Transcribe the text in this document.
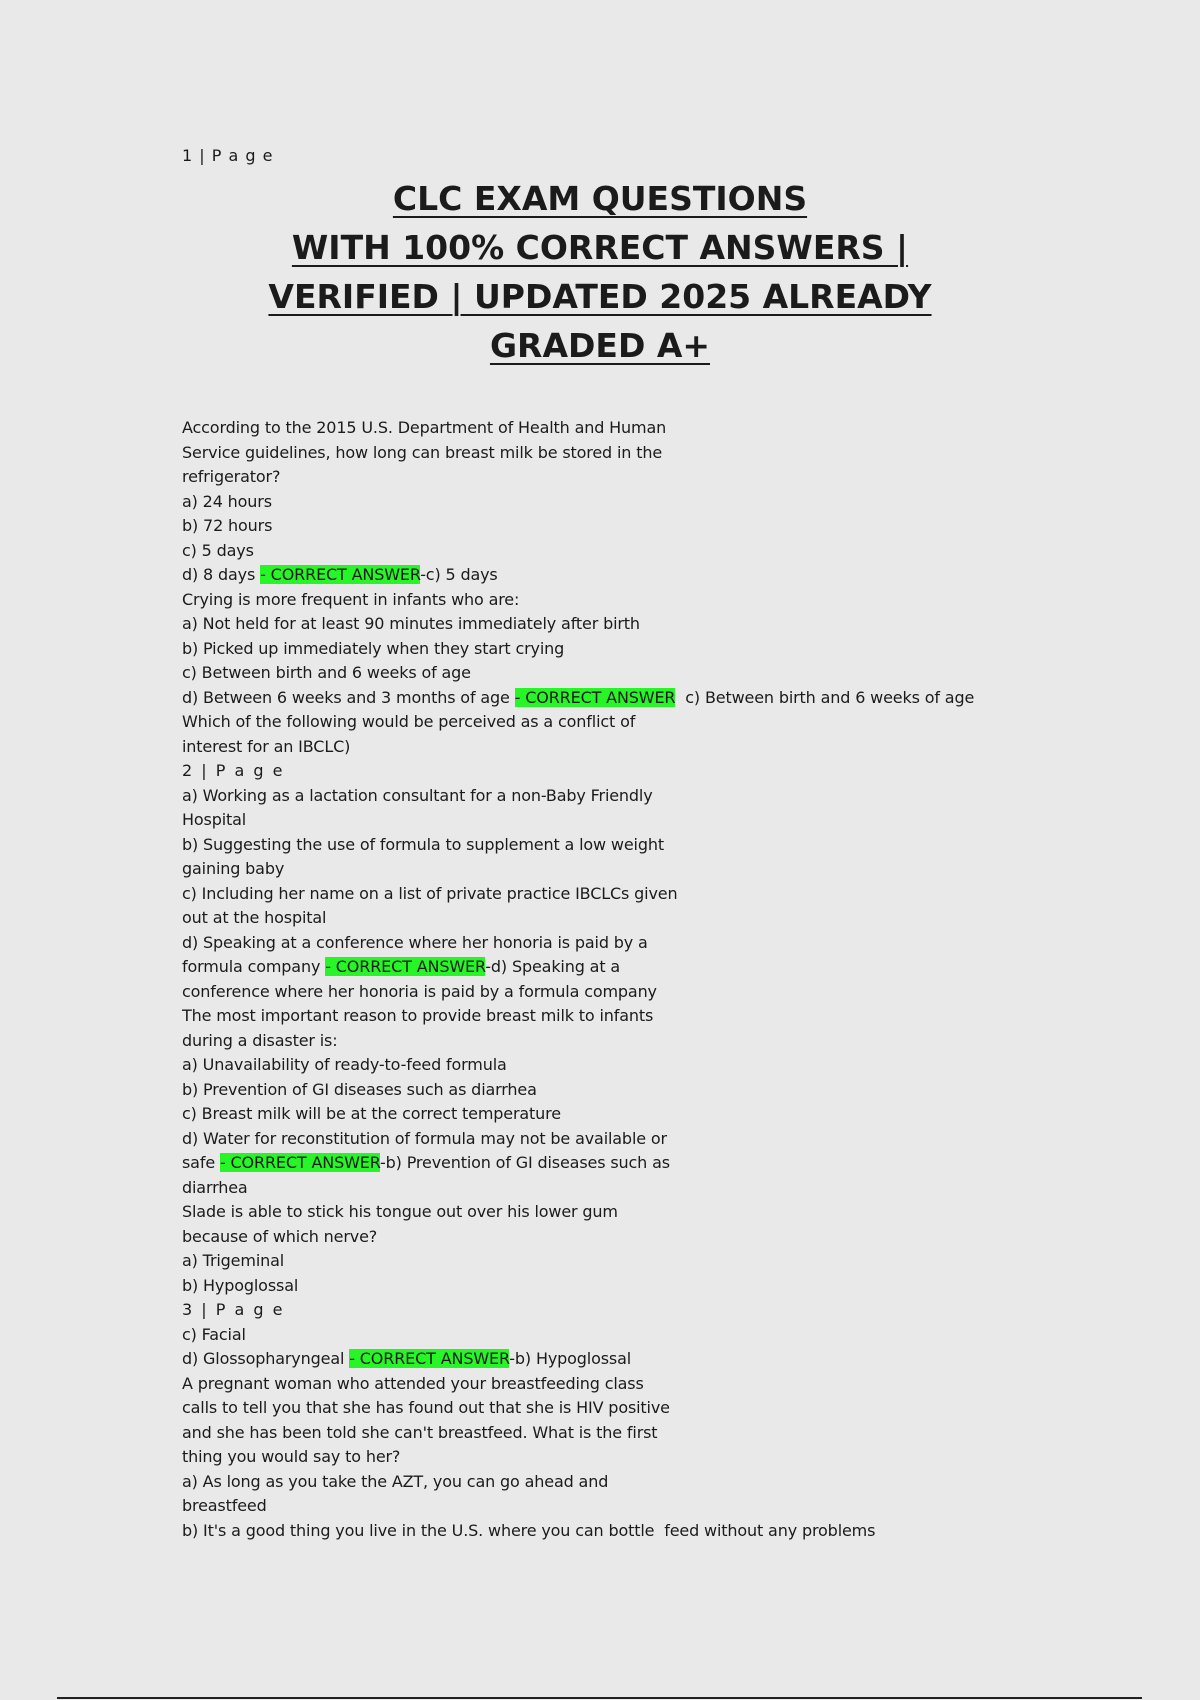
1 | P a g e

CLC EXAM QUESTIONS
WITH 100% CORRECT ANSWERS |
VERIFIED | UPDATED 2025 ALREADY
GRADED A+
According to the 2015 U.S. Department of Health and Human
Service guidelines, how long can breast milk be stored in the
refrigerator?
a) 24 hours
b) 72 hours
c) 5 days
d) 8 days - CORRECT ANSWER-c) 5 days
Crying is more frequent in infants who are:
a) Not held for at least 90 minutes immediately after birth
b) Picked up immediately when they start crying
c) Between birth and 6 weeks of age
d) Between 6 weeks and 3 months of age - CORRECT ANSWER  c) Between birth and 6 weeks of age
Which of the following would be perceived as a conflict of
interest for an IBCLC)
2 | P a g e
a) Working as a lactation consultant for a non-Baby Friendly
Hospital
b) Suggesting the use of formula to supplement a low weight
gaining baby
c) Including her name on a list of private practice IBCLCs given
out at the hospital
d) Speaking at a conference where her honoria is paid by a
formula company - CORRECT ANSWER-d) Speaking at a
conference where her honoria is paid by a formula company
The most important reason to provide breast milk to infants
during a disaster is:
a) Unavailability of ready-to-feed formula
b) Prevention of GI diseases such as diarrhea
c) Breast milk will be at the correct temperature
d) Water for reconstitution of formula may not be available or
safe - CORRECT ANSWER-b) Prevention of GI diseases such as
diarrhea
Slade is able to stick his tongue out over his lower gum
because of which nerve?
a) Trigeminal
b) Hypoglossal
3 | P a g e
c) Facial
d) Glossopharyngeal - CORRECT ANSWER-b) Hypoglossal
A pregnant woman who attended your breastfeeding class
calls to tell you that she has found out that she is HIV positive
and she has been told she can't breastfeed. What is the first
thing you would say to her?
a) As long as you take the AZT, you can go ahead and
breastfeed
b) It's a good thing you live in the U.S. where you can bottle  feed without any problems
